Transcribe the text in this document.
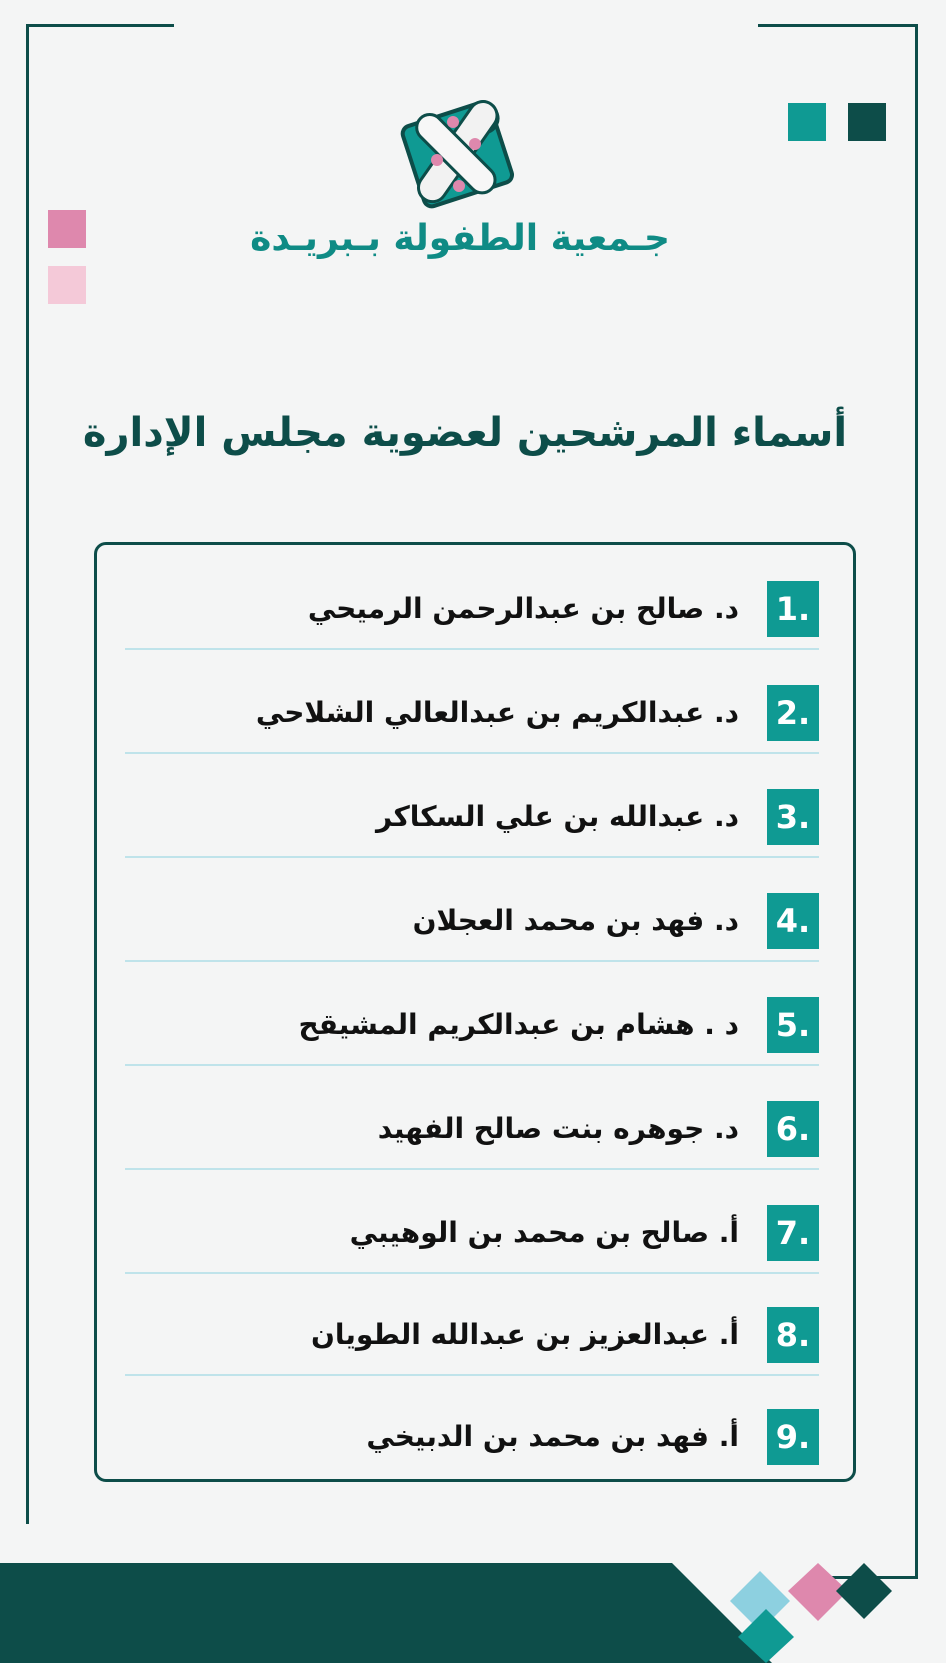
جـمعية الطفولة بـبريـدة
أسماء المرشحين لعضوية مجلس الإدارة
1.
د. صالح بن عبدالرحمن الرميحي
2.
د. عبدالكريم بن عبدالعالي الشلاحي
3.
د. عبدالله بن علي السكاكر
4.
د. فهد بن محمد العجلان
5.
د . هشام بن عبدالكريم المشيقح
6.
د. جوهره بنت صالح الفهيد
7.
أ. صالح بن محمد بن الوهيبي
8.
أ. عبدالعزيز بن عبدالله الطويان
9.
أ. فهد بن محمد بن الدبيخي
